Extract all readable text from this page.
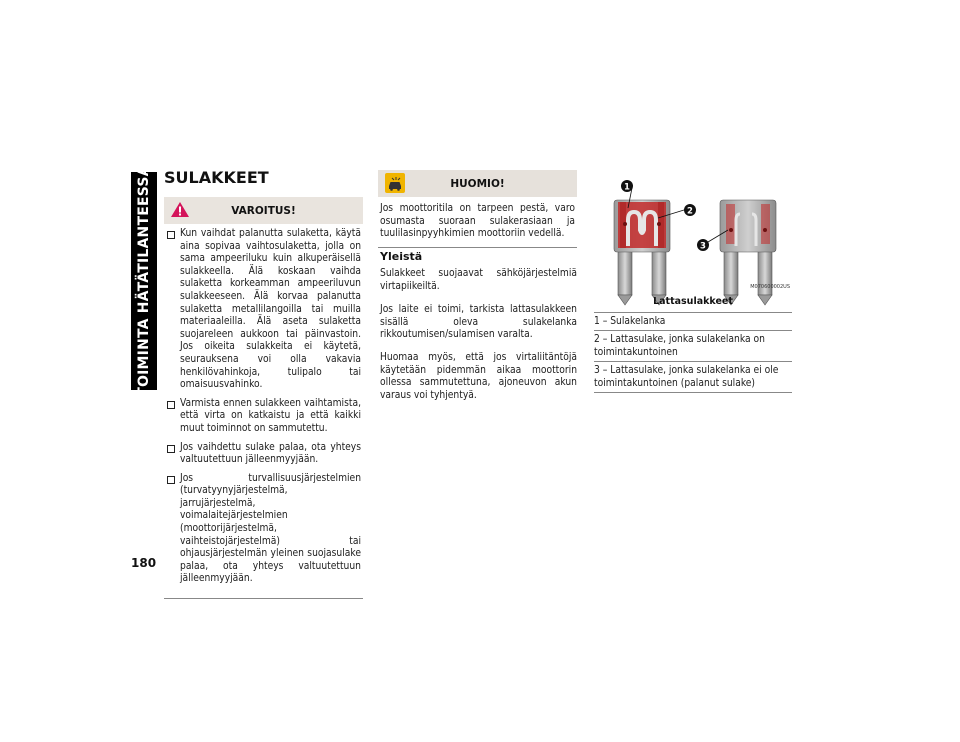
TOIMINTA HÄTÄTILANTEESSA
180
SULAKKEET
VAROITUS!
Kun vaihdat palanutta sulaketta, käytä aina sopivaa vaihtosulaketta, jolla on sama ampeeriluku kuin alkuperäisellä sulakkeella. Älä koskaan vaihda sulaketta korkeamman ampeeriluvun sulakkeeseen. Älä korvaa palanutta sulaketta metallilangoilla tai muilla materiaaleilla. Älä aseta sulaketta suojareleen aukkoon tai päinvastoin. Jos oikeita sulakkeita ei käytetä, seurauksena voi olla vakavia henkilövahinkoja, tulipalo tai omaisuusvahinko.
Varmista ennen sulakkeen vaihtamista, että virta on katkaistu ja että kaikki muut toiminnot on sammutettu.
Jos vaihdettu sulake palaa, ota yhteys valtuutettuun jälleenmyyjään.
Jos turvallisuusjärjestelmien (turvatyynyjärjestelmä, jarrujärjestelmä, voimalaitejärjestelmien (moottorijärjestelmä, vaihteistojärjestelmä) tai ohjausjärjestelmän yleinen suojasulake palaa, ota yhteys valtuutettuun jälleenmyyjään.
HUOMIO!

Jos moottoritila on tarpeen pestä, varo osumasta suoraan sulakerasiaan ja tuulilasinpyyhkimien moottoriin vedellä.

Yleistä

Sulakkeet suojaavat sähköjärjestelmiä virtapiikeiltä.

Jos laite ei toimi, tarkista lattasulakkeen sisällä oleva sulakelanka rikkoutumisen/sulamisen varalta.

Huomaa myös, että jos virtaliitäntöjä käytetään pidemmän aikaa moottorin ollessa sammutettuna, ajoneuvon akun varaus voi tyhjentyä.

1
2
3
M070600002US
Lattasulakkeet
1 – Sulakelanka
2 – Lattasulake, jonka sulakelanka on toimintakuntoinen
3 – Lattasulake, jonka sulakelanka ei ole toimintakuntoinen (palanut sulake)
